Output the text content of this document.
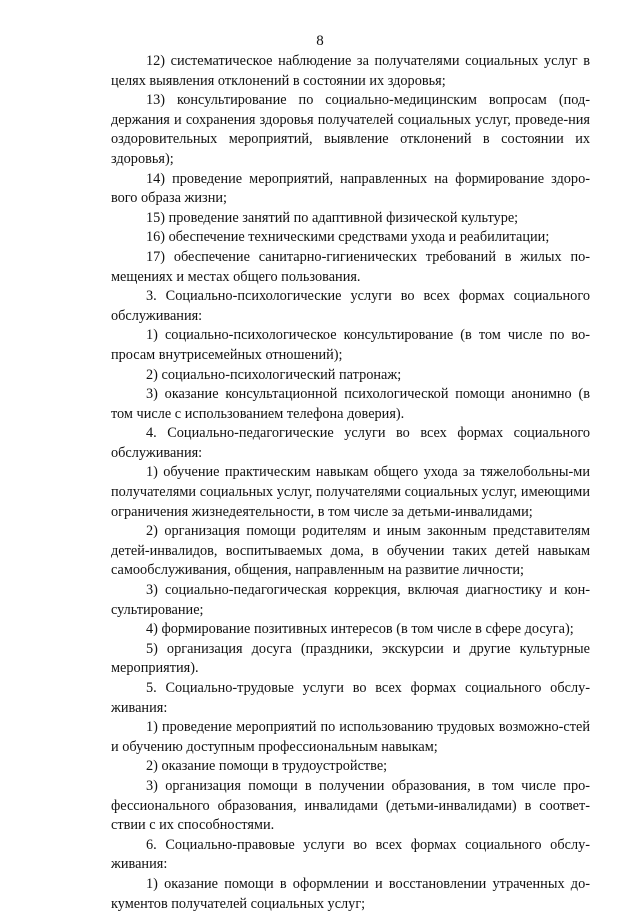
8

12) систематическое наблюдение за получателями социальных услуг в целях выявления отклонений в состоянии их здоровья;

13) консультирование по социально-медицинским вопросам (под-держания и сохранения здоровья получателей социальных услуг, проведе-ния оздоровительных мероприятий, выявление отклонений в состоянии их здоровья);

14) проведение мероприятий, направленных на формирование здоро-вого образа жизни;

15) проведение занятий по адаптивной физической культуре;

16) обеспечение техническими средствами ухода и реабилитации;

17) обеспечение санитарно-гигиенических требований в жилых по-мещениях и местах общего пользования.

3. Социально-психологические услуги во всех формах социального обслуживания:

1) социально-психологическое консультирование (в том числе по во-просам внутрисемейных отношений);

2) социально-психологический патронаж;

3) оказание консультационной психологической помощи анонимно (в том числе с использованием телефона доверия).

4. Социально-педагогические услуги во всех формах социального обслуживания:

1) обучение практическим навыкам общего ухода за тяжелобольны-ми получателями социальных услуг, получателями социальных услуг, имеющими ограничения жизнедеятельности, в том числе за детьми-инвалидами;

2) организация помощи родителям и иным законным представителям детей-инвалидов, воспитываемых дома, в обучении таких детей навыкам самообслуживания, общения, направленным на развитие личности;

3) социально-педагогическая коррекция, включая диагностику и кон-сультирование;

4) формирование позитивных интересов (в том числе в сфере досуга);

5) организация досуга (праздники, экскурсии и другие культурные мероприятия).

5. Социально-трудовые услуги во всех формах социального обслу-живания:

1) проведение мероприятий по использованию трудовых возможно-стей и обучению доступным профессиональным навыкам;

2) оказание помощи в трудоустройстве;

3) организация помощи в получении образования, в том числе про-фессионального образования, инвалидами (детьми-инвалидами) в соответ-ствии с их способностями.

6. Социально-правовые услуги во всех формах социального обслу-живания:

1) оказание помощи в оформлении и восстановлении утраченных до-кументов получателей социальных услуг;
